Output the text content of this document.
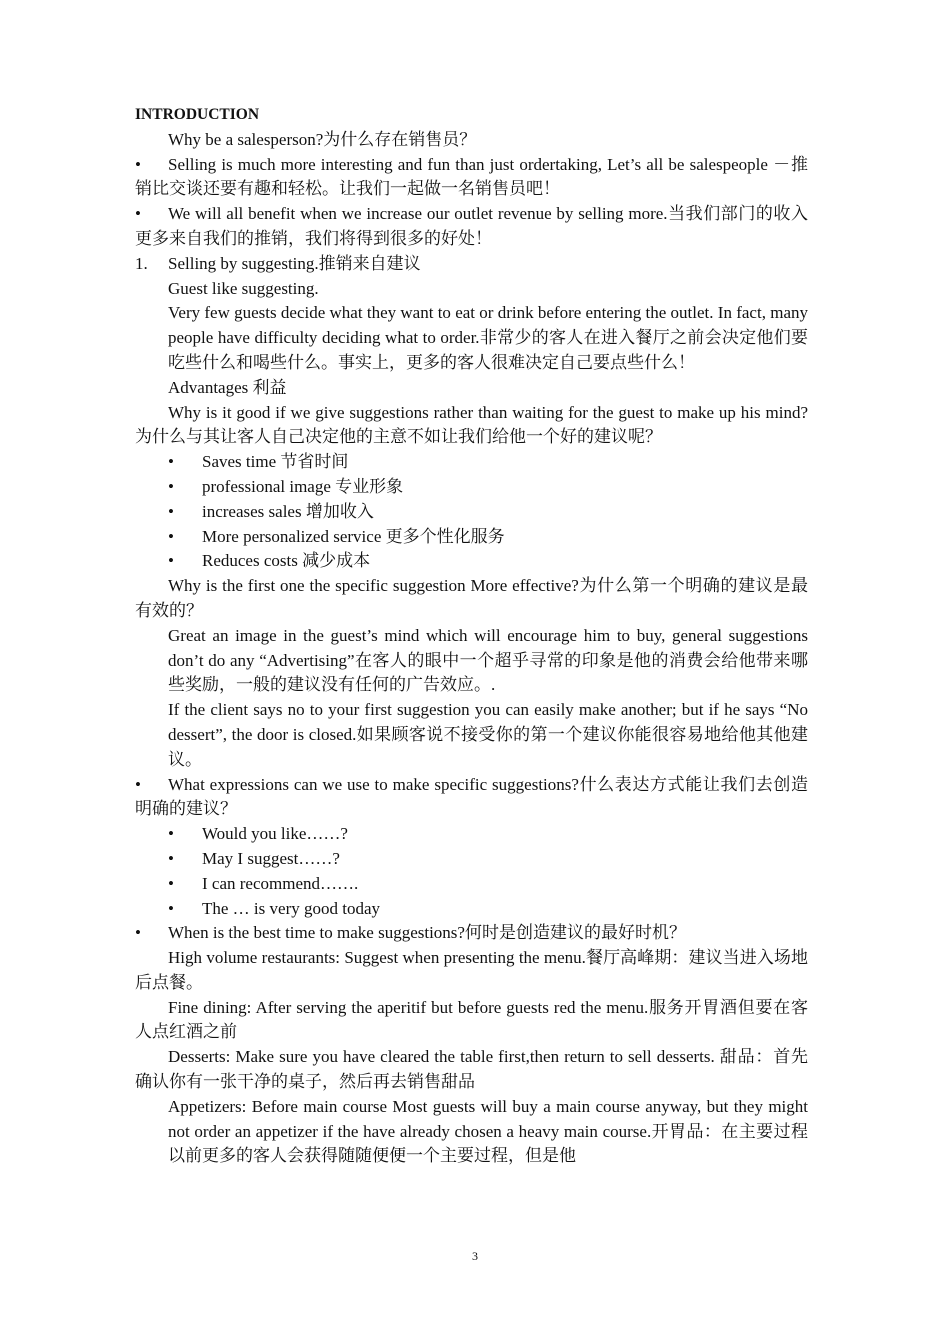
INTRODUCTION
Why be a salesperson?为什么存在销售员？
• Selling is much more interesting and fun than just ordertaking, Let’s all be salespeople －推销比交谈还要有趣和轻松。让我们一起做一名销售员吧！
• We will all benefit when we increase our outlet revenue by selling more.当我们部门的收入更多来自我们的推销，我们将得到很多的好处！
1.	Selling by suggesting.推销来自建议
Guest like suggesting.
Very few guests decide what they want to eat or drink before entering the outlet. In fact, many people have difficulty deciding what to order.非常少的客人在进入餐厅之前会决定他们要吃些什么和喝些什么。事实上，更多的客人很难决定自己要点些什么！
Advantages 利益
Why is it good if we give suggestions rather than waiting for the guest to make up his mind?为什么与其让客人自己决定他的主意不如让我们给他一个好的建议呢？
•	Saves time 节省时间
•	professional image 专业形象
•	increases sales 增加收入
•	More personalized service 更多个性化服务
•	Reduces costs 减少成本
Why is the first one the specific suggestion More effective?为什么第一个明确的建议是最有效的？
Great an image in the guest’s mind which will encourage him to buy, general suggestions don’t do any “Advertising”在客人的眼中一个超乎寻常的印象是他的消费会给他带来哪些奖励，一般的建议没有任何的广告效应。.
If the client says no to your first suggestion you can easily make another; but if he says “No dessert”, the door is closed.如果顾客说不接受你的第一个建议你能很容易地给他其他建议。
• What expressions can we use to make specific suggestions?什么表达方式能让我们去创造明确的建议？
•	Would you like……?
•	May I suggest……?
•	I can recommend…….
•	The … is very good today
•	When is the best time to make suggestions?何时是创造建议的最好时机？
High volume restaurants: Suggest when presenting the menu.餐厅高峰期：建议当进入场地后点餐。
Fine dining: After serving the aperitif but before guests red the menu.服务开胃酒但要在客人点红酒之前
Desserts: Make sure you have cleared the table first,then return to sell desserts. 甜品：首先确认你有一张干净的桌子，然后再去销售甜品
Appetizers: Before main course Most guests will buy a main course anyway, but they might not order an appetizer if the have already chosen a heavy main course.开胃品：在主要过程以前更多的客人会获得随随便便一个主要过程，但是他
3
